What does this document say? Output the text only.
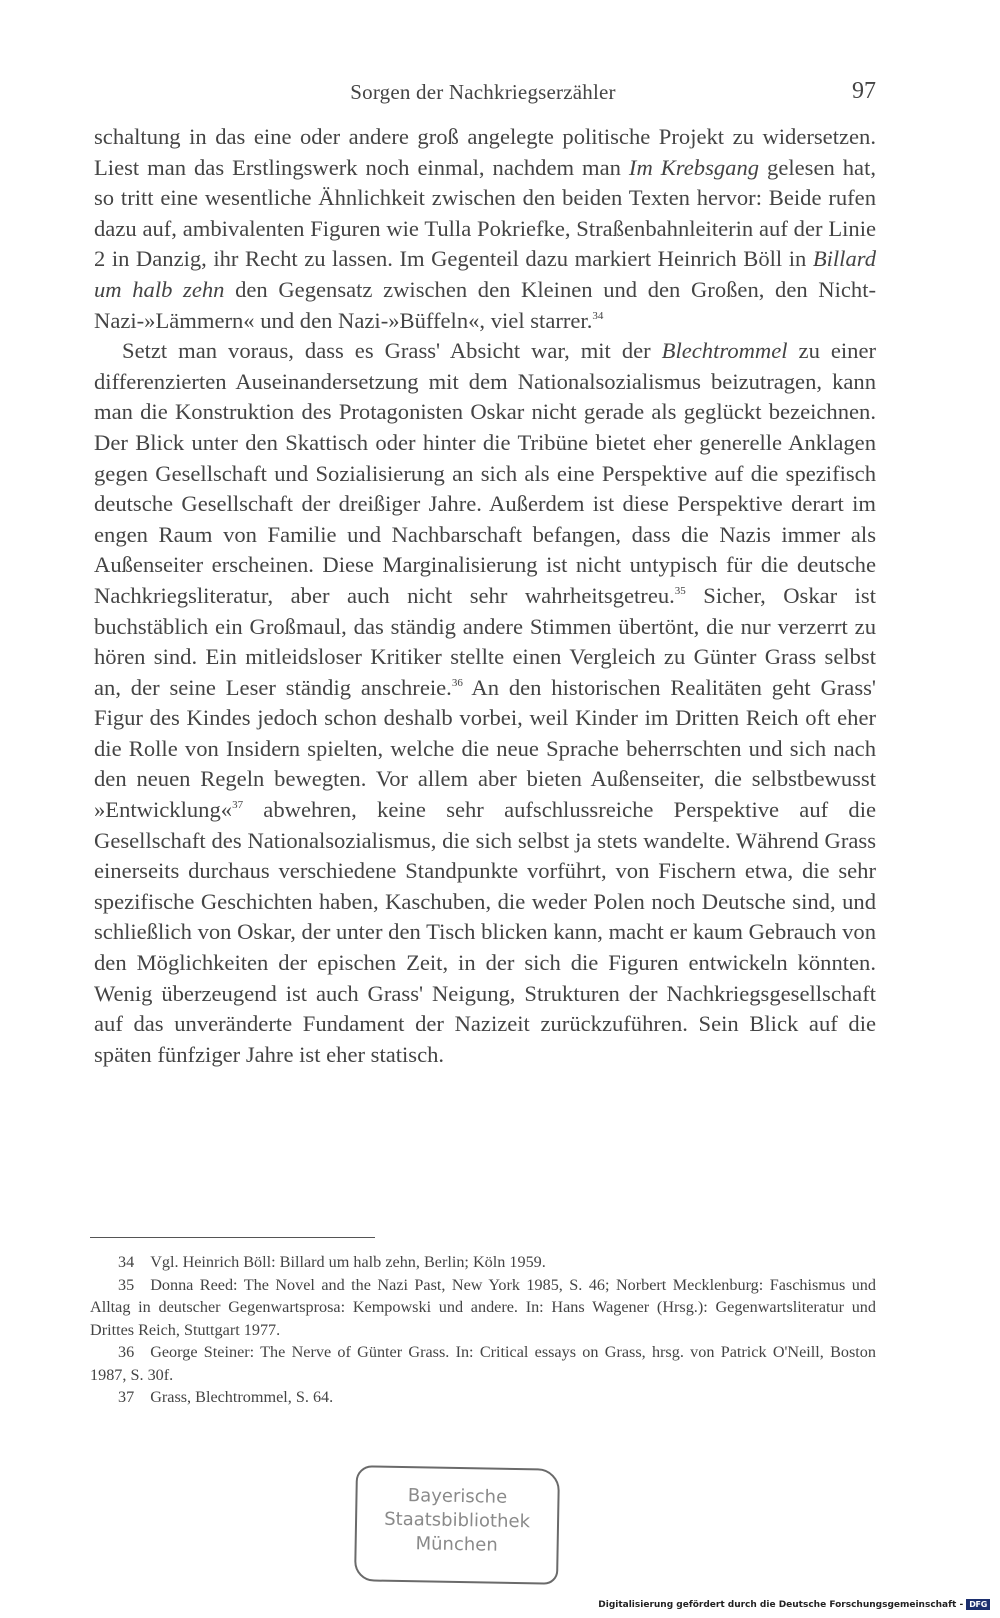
Sorgen der Nachkriegserzähler	97

schaltung in das eine oder andere groß angelegte politische Projekt zu widersetzen. Liest man das Erstlingswerk noch einmal, nachdem man Im Krebsgang gelesen hat, so tritt eine wesentliche Ähnlichkeit zwischen den beiden Texten hervor: Beide rufen dazu auf, ambivalenten Figuren wie Tulla Pokriefke, Straßenbahnleiterin auf der Linie 2 in Danzig, ihr Recht zu lassen. Im Gegenteil dazu markiert Heinrich Böll in Billard um halb zehn den Gegensatz zwischen den Kleinen und den Großen, den Nicht-Nazi-»Lämmern« und den Nazi-»Büffeln«, viel starrer.$^{34}$

Setzt man voraus, dass es Grass' Absicht war, mit der Blechtrommel zu einer differenzierten Auseinandersetzung mit dem Nationalsozialismus beizutragen, kann man die Konstruktion des Protagonisten Oskar nicht gerade als geglückt bezeichnen. Der Blick unter den Skattisch oder hinter die Tribüne bietet eher generelle Anklagen gegen Gesellschaft und Sozialisierung an sich als eine Perspektive auf die spezifisch deutsche Gesellschaft der dreißiger Jahre. Außerdem ist diese Perspektive derart im engen Raum von Familie und Nachbarschaft befangen, dass die Nazis immer als Außenseiter erscheinen. Diese Marginalisierung ist nicht untypisch für die deutsche Nachkriegsliteratur, aber auch nicht sehr wahrheitsgetreu.$^{35}$ Sicher, Oskar ist buchstäblich ein Großmaul, das ständig andere Stimmen übertönt, die nur verzerrt zu hören sind. Ein mitleidsloser Kritiker stellte einen Vergleich zu Günter Grass selbst an, der seine Leser ständig anschreie.$^{36}$ An den historischen Realitäten geht Grass' Figur des Kindes jedoch schon deshalb vorbei, weil Kinder im Dritten Reich oft eher die Rolle von Insidern spielten, welche die neue Sprache beherrschten und sich nach den neuen Regeln bewegten. Vor allem aber bieten Außenseiter, die selbstbewusst »Entwicklung«$^{37}$ abwehren, keine sehr aufschlussreiche Perspektive auf die Gesellschaft des Nationalsozialismus, die sich selbst ja stets wandelte. Während Grass einerseits durchaus verschiedene Standpunkte vorführt, von Fischern etwa, die sehr spezifische Geschichten haben, Kaschuben, die weder Polen noch Deutsche sind, und schließlich von Oskar, der unter den Tisch blicken kann, macht er kaum Gebrauch von den Möglichkeiten der epischen Zeit, in der sich die Figuren entwickeln könnten. Wenig überzeugend ist auch Grass' Neigung, Strukturen der Nachkriegsgesellschaft auf das unveränderte Fundament der Nazizeit zurückzuführen. Sein Blick auf die späten fünfziger Jahre ist eher statisch.

34 Vgl. Heinrich Böll: Billard um halb zehn, Berlin; Köln 1959.

35 Donna Reed: The Novel and the Nazi Past, New York 1985, S. 46; Norbert Mecklenburg: Faschismus und Alltag in deutscher Gegenwartsprosa: Kempowski und andere. In: Hans Wagener (Hrsg.): Gegenwartsliteratur und Drittes Reich, Stuttgart 1977.

36 George Steiner: The Nerve of Günter Grass. In: Critical essays on Grass, hrsg. von Patrick O'Neill, Boston 1987, S. 30f.

37 Grass, Blechtrommel, S. 64.

Bayerische
Staatsbibliothek
München
Digitalisierung gefördert durch die Deutsche Forschungsgemeinschaft - DFG
